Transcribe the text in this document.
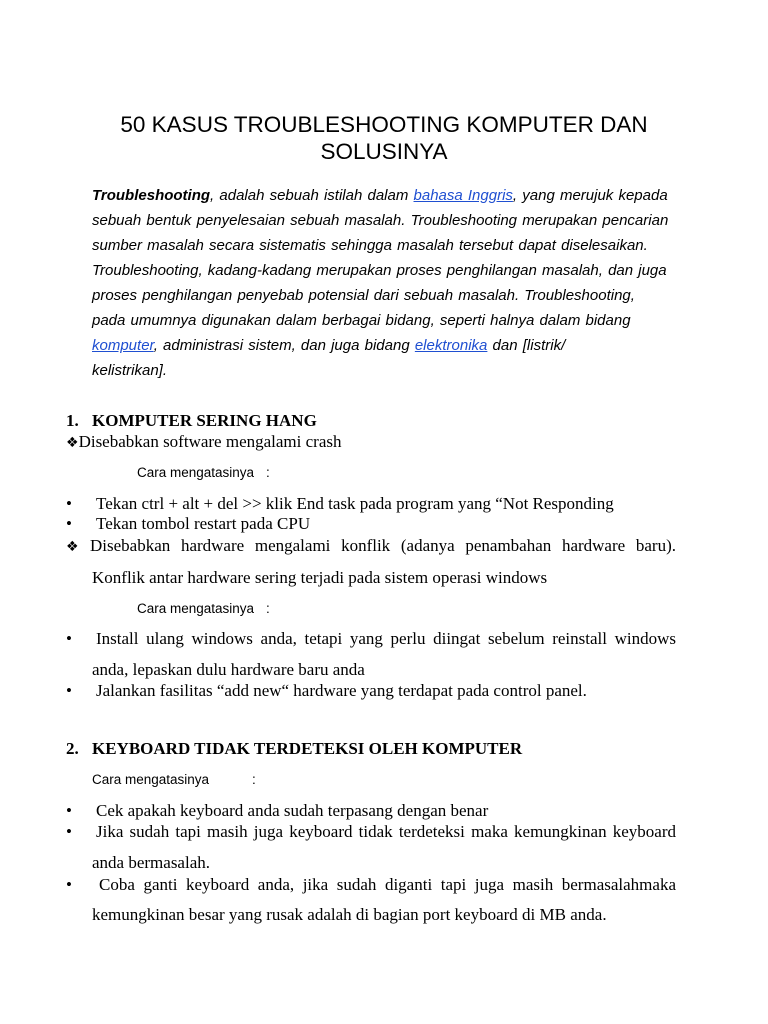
50 KASUS TROUBLESHOOTING KOMPUTER DAN
SOLUSINYA
Troubleshooting, adalah sebuah istilah dalam bahasa Inggris, yang merujuk kepada
sebuah bentuk penyelesaian sebuah masalah. Troubleshooting merupakan pencarian
sumber masalah secara sistematis sehingga masalah tersebut dapat diselesaikan.
Troubleshooting, kadang-kadang merupakan proses penghilangan masalah, dan juga
proses penghilangan penyebab potensial dari sebuah masalah. Troubleshooting,
pada umumnya digunakan dalam berbagai bidang, seperti halnya dalam bidang
komputer, administrasi sistem, dan juga bidang elektronika dan [listrik/
kelistrikan].
1. KOMPUTER SERING HANG
❖Disebabkan software mengalami crash
Cara mengatasinya :
• Tekan ctrl + alt + del >> klik End task pada program yang “Not Responding
• Tekan tombol restart pada CPU
❖ Disebabkan hardware mengalami konflik (adanya penambahan hardware baru).
Konflik antar hardware sering terjadi pada sistem operasi windows
Cara mengatasinya :
• Install ulang windows anda, tetapi yang perlu diingat sebelum reinstall windows
anda, lepaskan dulu hardware baru anda
• Jalankan fasilitas “add new“ hardware yang terdapat pada control panel.
2. KEYBOARD TIDAK TERDETEKSI OLEH KOMPUTER
Cara mengatasinya	:
• Cek apakah keyboard anda sudah terpasang dengan benar
• Jika sudah tapi masih juga keyboard tidak terdeteksi maka kemungkinan keyboard
anda bermasalah.
• Coba ganti keyboard anda, jika sudah diganti tapi juga masih bermasalahmaka
kemungkinan besar yang rusak adalah di bagian port keyboard di MB anda.
